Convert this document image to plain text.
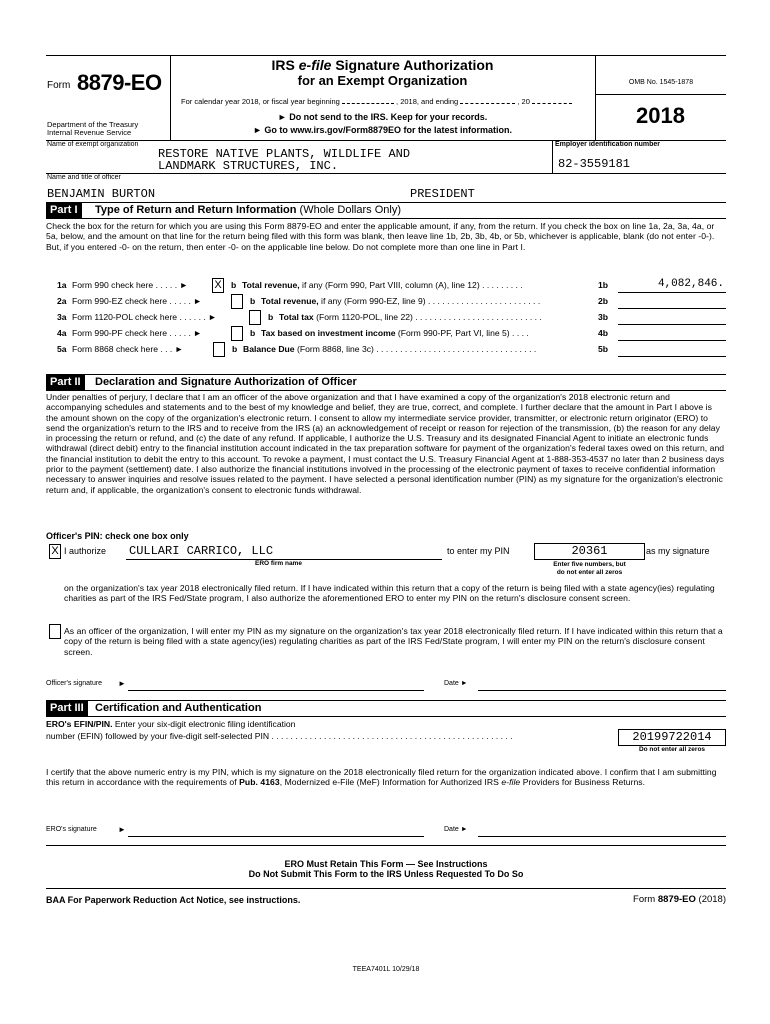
Form 8879-EO
Department of the Treasury
Internal Revenue Service
IRS e-file Signature Authorization
for an Exempt Organization
For calendar year 2018, or fiscal year beginning	, 2018, and ending	, 20
► Do not send to the IRS. Keep for your records.
► Go to www.irs.gov/Form8879EO for the latest information.
OMB No. 1545-1878
2018
Name of exempt organization
RESTORE NATIVE PLANTS, WILDLIFE AND
LANDMARK STRUCTURES, INC.
Employer identification number
82-3559181
Name and title of officer
BENJAMIN BURTON	PRESIDENT
Part I	Type of Return and Return Information (Whole Dollars Only)
Check the box for the return for which you are using this Form 8879-EO and enter the applicable amount, if any, from the return. If you check the box on line 1a, 2a, 3a, 4a, or 5a, below, and the amount on that line for the return being filed with this form was blank, then leave line 1b, 2b, 3b, 4b, or 5b, whichever is applicable, blank (do not enter -0-). But, if you entered -0- on the return, then enter -0- on the applicable line below. Do not complete more than one line in Part I.
1a Form 990 check here . . . . . ► X b Total revenue, if any (Form 990, Part VIII, column (A), line 12) . . . . . . . . .	1b	4,082,846.
2a Form 990-EZ check here . . . . . ►	b Total revenue, if any (Form 990-EZ, line 9) . . . . . . . . . . . . . . . . . . . . . . . .	2b
3a Form 1120-POL check here . . . . . . ►	b Total tax (Form 1120-POL, line 22) . . . . . . . . . . . . . . . . . . . . . . . . . . .	3b
4a Form 990-PF check here . . . . . ►	b Tax based on investment income (Form 990-PF, Part VI, line 5) . . . .	4b
5a Form 8868 check here . . . ►	b Balance Due (Form 8868, line 3c) . . . . . . . . . . . . . . . . . . . . . . . . . . . . . . . . . .	5b
Part II	Declaration and Signature Authorization of Officer
Under penalties of perjury, I declare that I am an officer of the above organization and that I have examined a copy of the organization's 2018 electronic return and accompanying schedules and statements and to the best of my knowledge and belief, they are true, correct, and complete. I further declare that the amount in Part I above is the amount shown on the copy of the organization's electronic return. I consent to allow my intermediate service provider, transmitter, or electronic return originator (ERO) to send the organization's return to the IRS and to receive from the IRS (a) an acknowledgement of receipt or reason for rejection of the transmission, (b) the reason for any delay in processing the return or refund, and (c) the date of any refund. If applicable, I authorize the U.S. Treasury and its designated Financial Agent to initiate an electronic funds withdrawal (direct debit) entry to the financial institution account indicated in the tax preparation software for payment of the organization's federal taxes owed on this return, and the financial institution to debit the entry to this account. To revoke a payment, I must contact the U.S. Treasury Financial Agent at 1-888-353-4537 no later than 2 business days prior to the payment (settlement) date. I also authorize the financial institutions involved in the processing of the electronic payment of taxes to receive confidential information necessary to answer inquiries and resolve issues related to the payment. I have selected a personal identification number (PIN) as my signature for the organization's electronic return and, if applicable, the organization's consent to electronic funds withdrawal.
Officer's PIN: check one box only
X I authorize CULLARI CARRICO, LLC
ERO firm name
to enter my PIN	20361	as my signature
Enter five numbers, but
do not enter all zeros
on the organization's tax year 2018 electronically filed return. If I have indicated within this return that a copy of the return is being filed with a state agency(ies) regulating charities as part of the IRS Fed/State program, I also authorize the aforementioned ERO to enter my PIN on the return's disclosure consent screen.
As an officer of the organization, I will enter my PIN as my signature on the organization's tax year 2018 electronically filed return. If I have indicated within this return that a copy of the return is being filed with a state agency(ies) regulating charities as part of the IRS Fed/State program, I will enter my PIN on the return's disclosure consent screen.
Officer's signature ►	Date ►
Part III	Certification and Authentication
ERO's EFIN/PIN. Enter your six-digit electronic filing identification
number (EFIN) followed by your five-digit self-selected PIN . . . . . . . . . . . . . . . . . . . . . . . . . . . . . . . . . . . . . . . . . . . . . . . . . . .	20199722014
Do not enter all zeros
I certify that the above numeric entry is my PIN, which is my signature on the 2018 electronically filed return for the organization indicated above. I confirm that I am submitting this return in accordance with the requirements of Pub. 4163, Modernized e-File (MeF) Information for Authorized IRS e-file Providers for Business Returns.
ERO's signature	►	Date ►
ERO Must Retain This Form — See Instructions
Do Not Submit This Form to the IRS Unless Requested To Do So
BAA For Paperwork Reduction Act Notice, see instructions.	Form 8879-EO (2018)
TEEA7401L 10/29/18
